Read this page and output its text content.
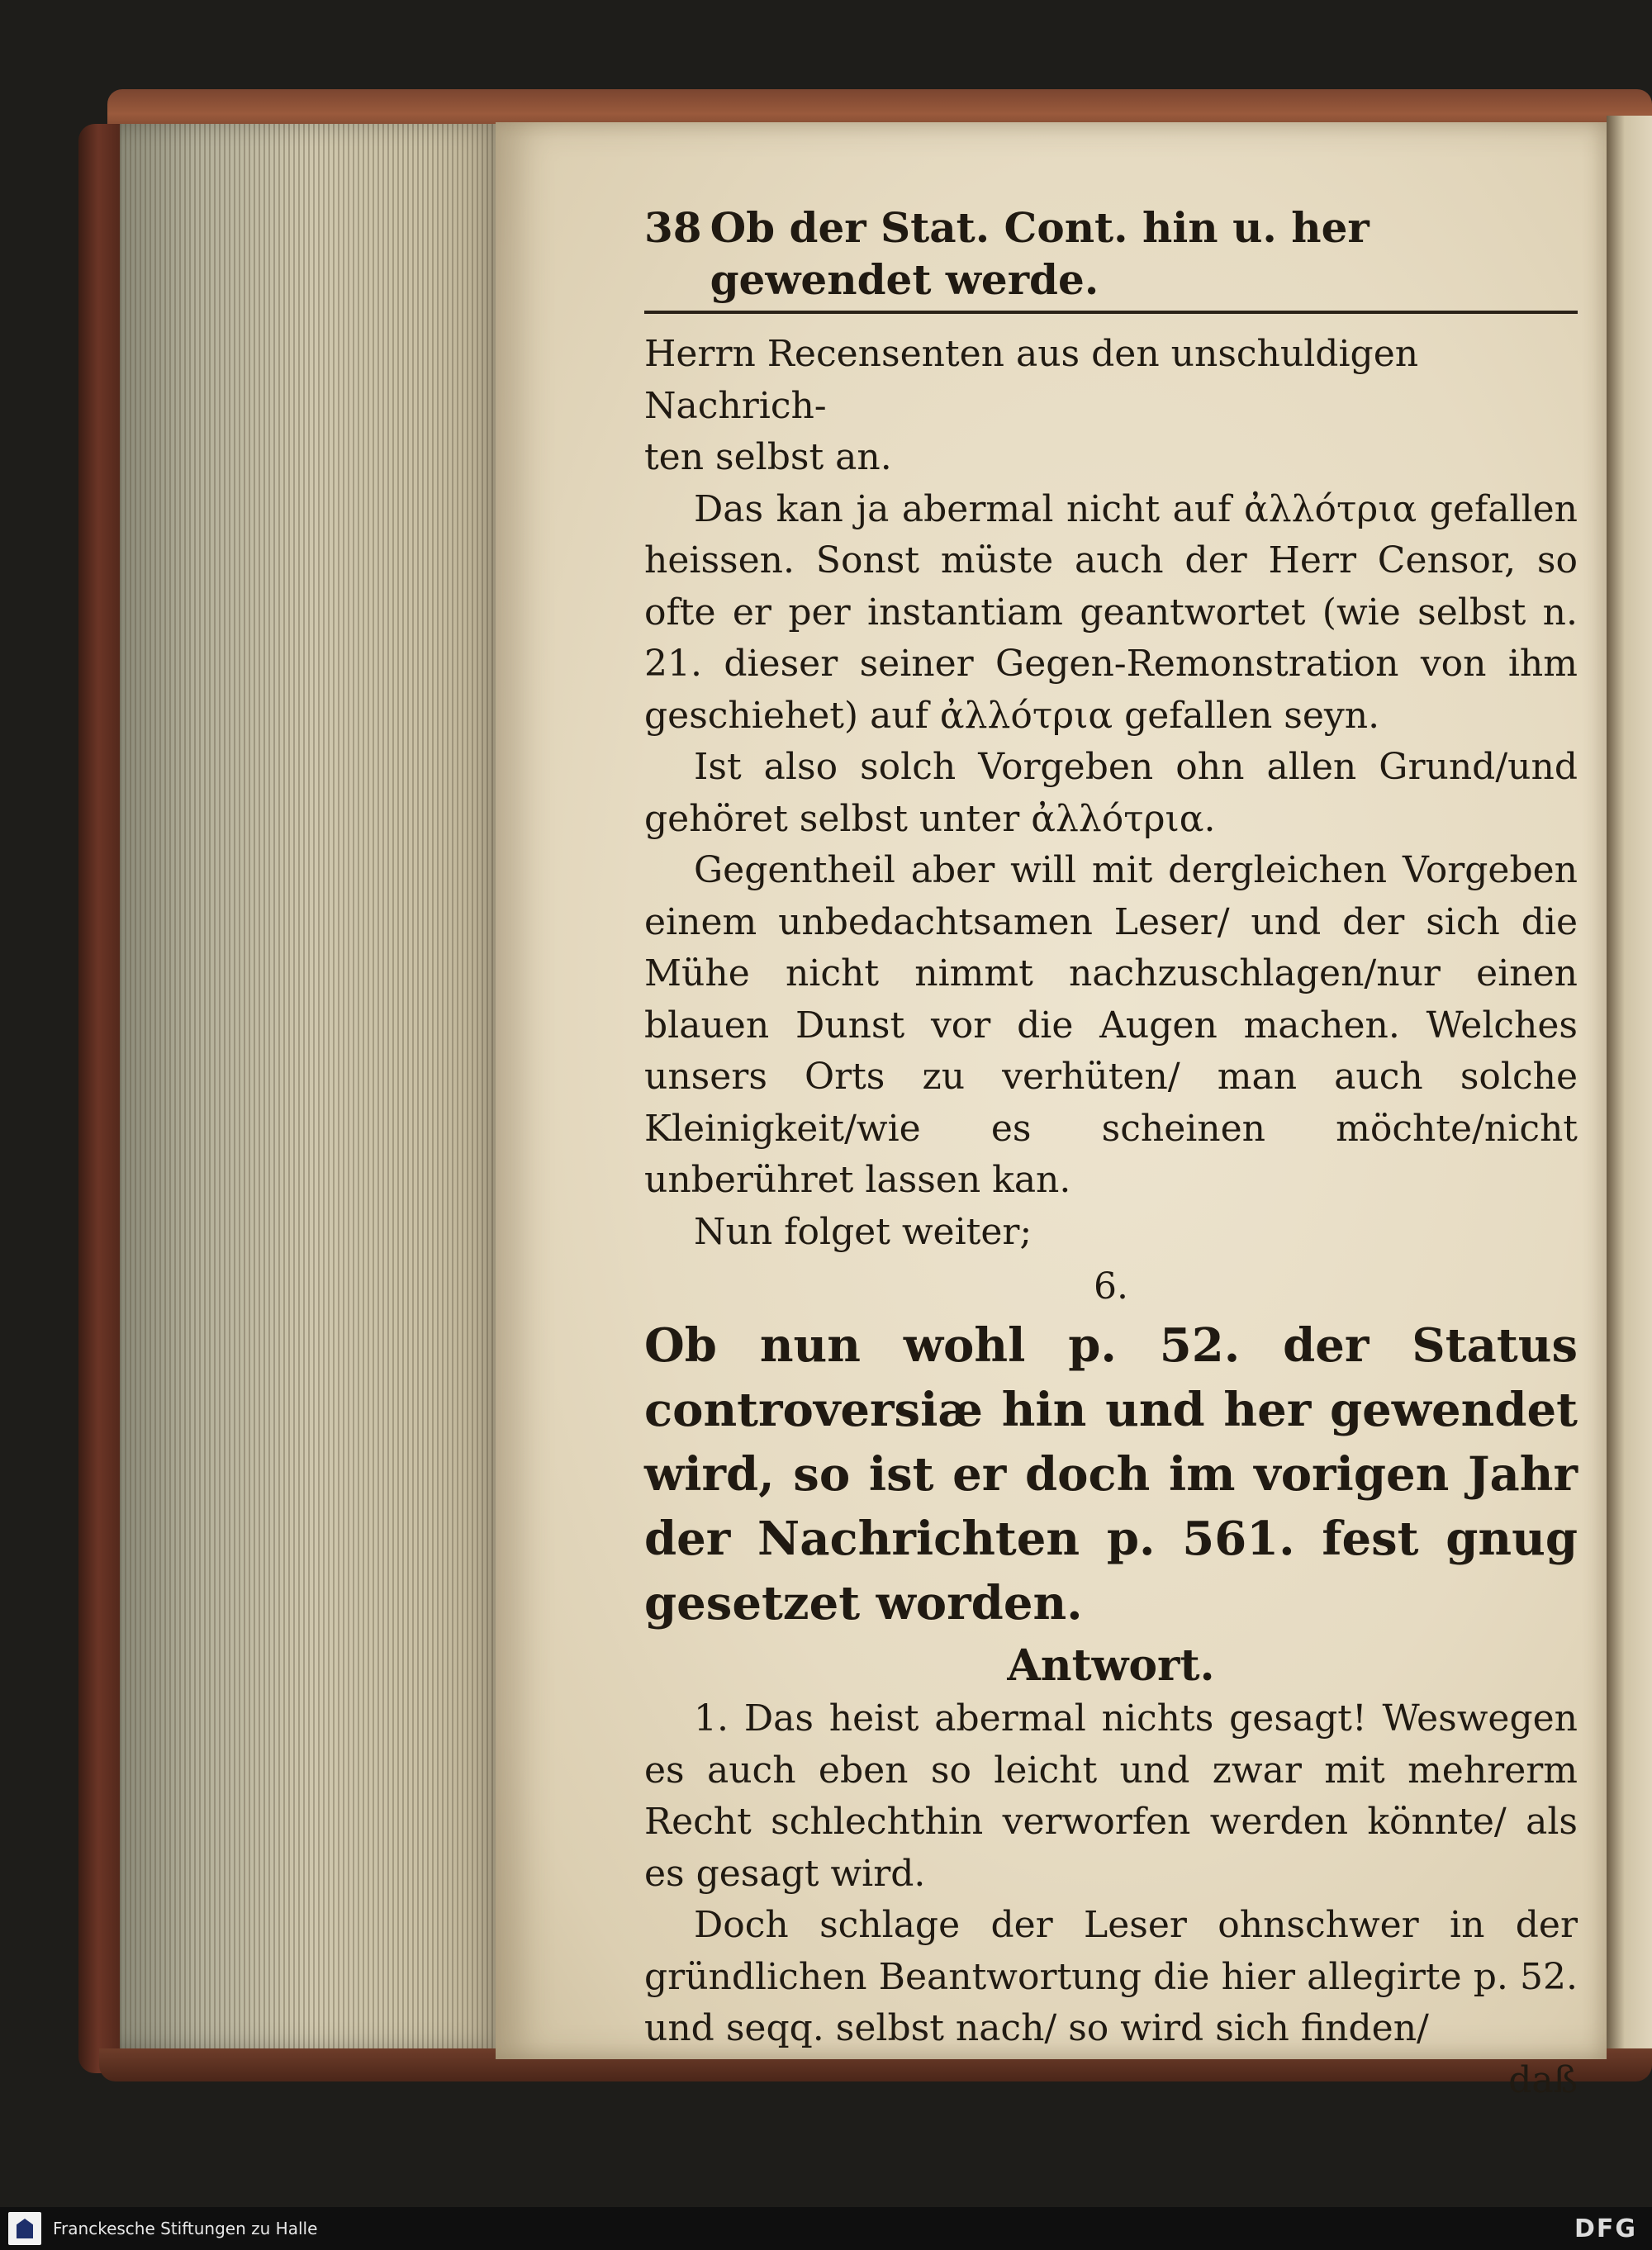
38 Ob der Stat. Cont. hin u. her gewendet werde.

Herrn Recensenten aus den unschuldigen Nachrich-

ten selbst an.

Das kan ja abermal nicht auf ἀλλότρια gefallen heissen. Sonst müste auch der Herr Censor, so ofte er per instantiam geantwortet (wie selbst n. 21. dieser seiner Gegen-Remonstration von ihm geschiehet) auf ἀλλότρια gefallen seyn.

Ist also solch Vorgeben ohn allen Grund/und gehöret selbst unter ἀλλότρια.

Gegentheil aber will mit dergleichen Vorgeben einem unbedachtsamen Leser/ und der sich die Mühe nicht nimmt nachzuschlagen/nur einen blauen Dunst vor die Augen machen. Welches unsers Orts zu verhüten/ man auch solche Kleinigkeit/wie es scheinen möchte/nicht unberühret lassen kan.

Nun folget weiter;

6.

Ob nun wohl p. 52. der Status controversiæ hin und her gewendet wird, so ist er doch im vorigen Jahr der Nachrichten p. 561. fest gnug gesetzet worden.

Antwort.

1. Das heist abermal nichts gesagt! Weswegen es auch eben so leicht und zwar mit mehrerm Recht schlechthin verworfen werden könnte/ als es gesagt wird.

Doch schlage der Leser ohnschwer in der gründlichen Beantwortung die hier allegirte p. 52. und seqq. selbst nach/ so wird sich finden/

daß

Franckesche Stiftungen zu Halle	DFG
